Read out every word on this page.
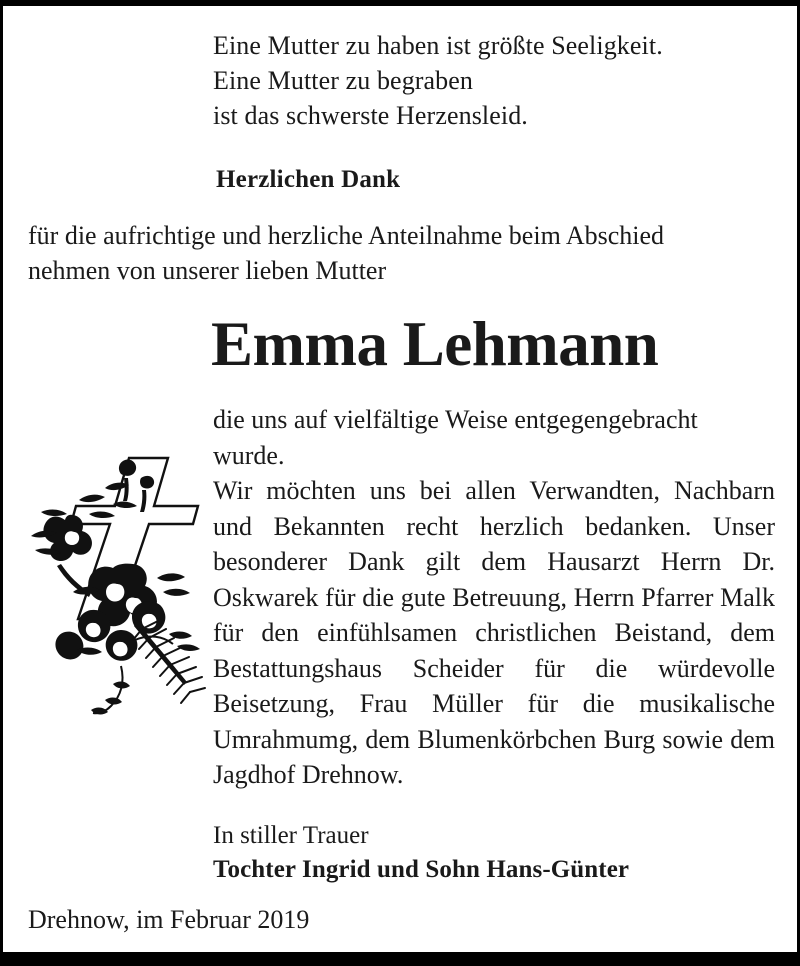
Eine Mutter zu haben ist größte Seeligkeit.
Eine Mutter zu begraben
ist das schwerste Herzensleid.
Herzlichen Dank
für die aufrichtige und herzliche Anteilnahme beim Abschied
nehmen von unserer lieben Mutter
Emma Lehmann

die uns auf vielfältige Weise entgegengebracht wurde.

Wir möchten uns bei allen Verwandten, Nachbarn und Bekannten recht herzlich bedanken. Unser besonderer Dank gilt dem Hausarzt Herrn Dr. Oskwarek für die gute Betreuung, Herrn Pfarrer Malk für den einfühlsamen christlichen Beistand, dem Bestattungshaus Scheider für die würdevolle Beisetzung, Frau Müller für die musikalische Umrahmumg, dem Blumenkörbchen Burg sowie dem Jagdhof Drehnow.

In stiller Trauer
Tochter Ingrid und Sohn Hans-Günter
Drehnow, im Februar 2019
